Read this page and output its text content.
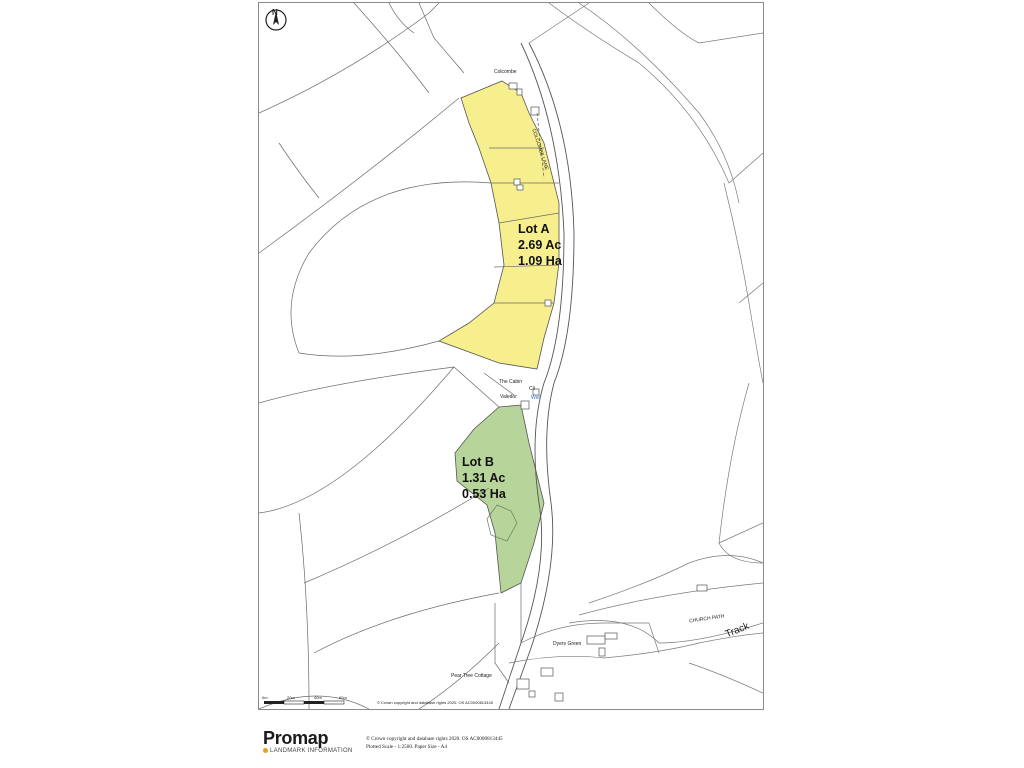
N
Colcombe
COLCOMBE LANE
The Cabin
Cli
Valedor	Well
Dyers Green
CHURCH PATH
Track
Pear Tree Cottage
Lot A
2.69 Ac
1.09 Ha
Lot B
1.31 Ac
0.53 Ha
0m	20m	40m	60m
© Crown copyright and database rights 2020. OS AC0000813445
Promap
LANDMARK INFORMATION
© Crown copyright and database rights 2020. OS AC0000813445
Plotted Scale - 1:2500. Paper Size - A4
